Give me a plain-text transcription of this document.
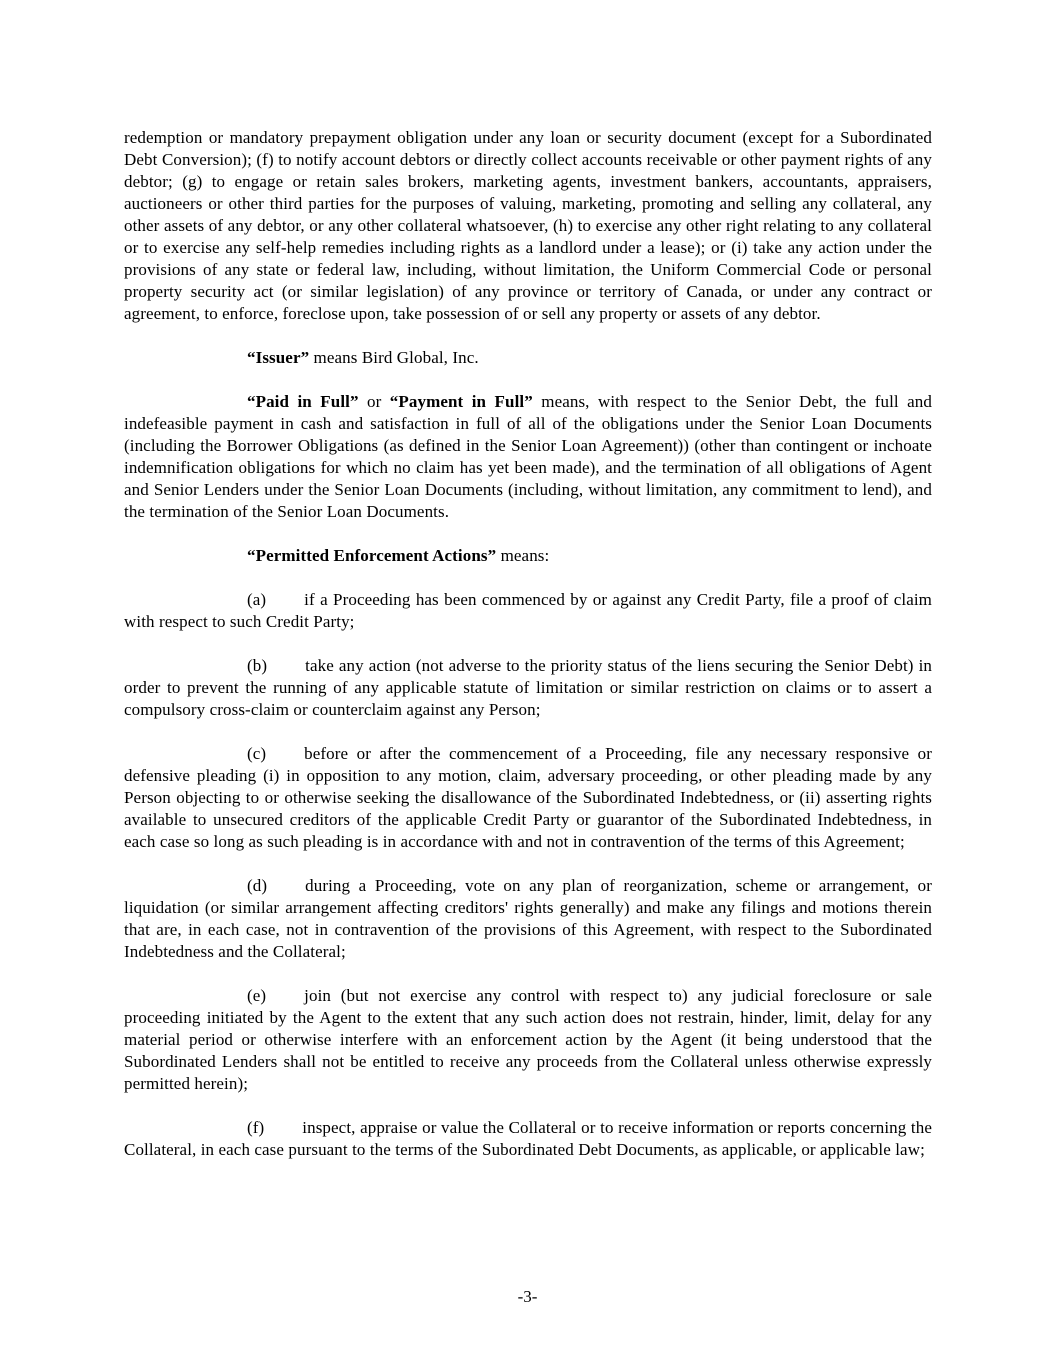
redemption or mandatory prepayment obligation under any loan or security document (except for a Subordinated Debt Conversion); (f) to notify account debtors or directly collect accounts receivable or other payment rights of any debtor; (g) to engage or retain sales brokers, marketing agents, investment bankers, accountants, appraisers, auctioneers or other third parties for the purposes of valuing, marketing, promoting and selling any collateral, any other assets of any debtor, or any other collateral whatsoever, (h) to exercise any other right relating to any collateral or to exercise any self-help remedies including rights as a landlord under a lease); or (i) take any action under the provisions of any state or federal law, including, without limitation, the Uniform Commercial Code or personal property security act (or similar legislation) of any province or territory of Canada, or under any contract or agreement, to enforce, foreclose upon, take possession of or sell any property or assets of any debtor.

“Issuer” means Bird Global, Inc.

“Paid in Full” or “Payment in Full” means, with respect to the Senior Debt, the full and indefeasible payment in cash and satisfaction in full of all of the obligations under the Senior Loan Documents (including the Borrower Obligations (as defined in the Senior Loan Agreement)) (other than contingent or inchoate indemnification obligations for which no claim has yet been made), and the termination of all obligations of Agent and Senior Lenders under the Senior Loan Documents (including, without limitation, any commitment to lend), and the termination of the Senior Loan Documents.

“Permitted Enforcement Actions” means:

(a) if a Proceeding has been commenced by or against any Credit Party, file a proof of claim with respect to such Credit Party;

(b) take any action (not adverse to the priority status of the liens securing the Senior Debt) in order to prevent the running of any applicable statute of limitation or similar restriction on claims or to assert a compulsory cross-claim or counterclaim against any Person;

(c) before or after the commencement of a Proceeding, file any necessary responsive or defensive pleading (i) in opposition to any motion, claim, adversary proceeding, or other pleading made by any Person objecting to or otherwise seeking the disallowance of the Subordinated Indebtedness, or (ii) asserting rights available to unsecured creditors of the applicable Credit Party or guarantor of the Subordinated Indebtedness, in each case so long as such pleading is in accordance with and not in contravention of the terms of this Agreement;

(d) during a Proceeding, vote on any plan of reorganization, scheme or arrangement, or liquidation (or similar arrangement affecting creditors' rights generally) and make any filings and motions therein that are, in each case, not in contravention of the provisions of this Agreement, with respect to the Subordinated Indebtedness and the Collateral;

(e) join (but not exercise any control with respect to) any judicial foreclosure or sale proceeding initiated by the Agent to the extent that any such action does not restrain, hinder, limit, delay for any material period or otherwise interfere with an enforcement action by the Agent (it being understood that the Subordinated Lenders shall not be entitled to receive any proceeds from the Collateral unless otherwise expressly permitted herein);

(f) inspect, appraise or value the Collateral or to receive information or reports concerning the Collateral, in each case pursuant to the terms of the Subordinated Debt Documents, as applicable, or applicable law;

-3-
